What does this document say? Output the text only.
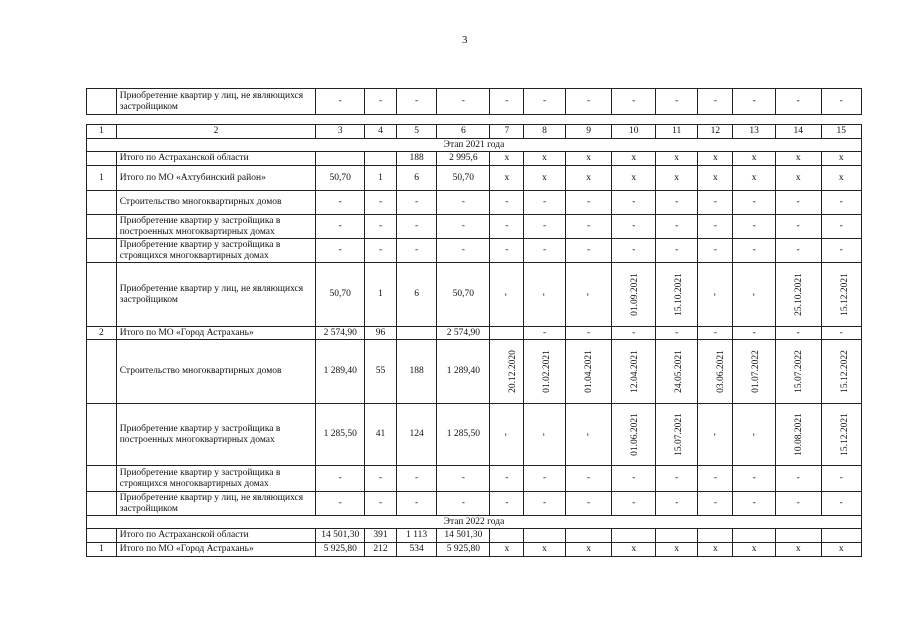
3
	Приобретение квартир у лиц, не являющихся застройщиком	-	-	-	-	-	-	-	-	-	-	-	-	-

1	2	3	4	5	6	7	8	9	10	11	12	13	14	15
Этап 2021 года														
	Итого по Астраханской области			188	2 995,6	x	x	x	x	x	x	x	x	x
1	Итого по МО «Ахтубинский район»	50,70	1	6	50,70	x	x	x	x	x	x	x	x	x
	Строительство многоквартирных домов	-	-	-	-	-	-	-	-	-	-	-	-	-
	Приобретение квартир у застройщика в построенных многоквартирных домах	-	-	-	-	-	-	-	-	-	-	-	-	-
	Приобретение квартир у застройщика в строящихся многоквартирных домах	-	-	-	-	-	-	-	-	-	-	-	-	-
	Приобретение квартир у лиц, не являющихся застройщиком	50,70	1	6	50,70	-	-	-	01.09.2021	15.10.2021	-	-	25.10.2021	15.12.2021
2	Итого по МО «Город Астрахань»	2 574,90	96		2 574,90		-	-	-	-	-	-	-	-
	Строительство многоквартирных домов	1 289,40	55	188	1 289,40	20.12.2020	01.02.2021	01.04.2021	12.04.2021	24.05.2021	03.06.2021	01.07.2022	15.07.2022	15.12.2022
	Приобретение квартир у застройщика в построенных многоквартирных домах	1 285,50	41	124	1 285,50	-	-	-	01.06.2021	15.07.2021	-	-	10.08.2021	15.12.2021
	Приобретение квартир у застройщика в строящихся многоквартирных домах	-	-	-	-	-	-	-	-	-	-	-	-	-
	Приобретение квартир у лиц, не являющихся застройщиком	-	-	-	-	-	-	-	-	-	-	-	-	-
Этап 2022 года														
	Итого по Астраханской области	14 501,30	391	1 113	14 501,30									
1	Итого по МО «Город Астрахань»	5 925,80	212	534	5 925,80	x	x	x	x	x	x	x	x	x
